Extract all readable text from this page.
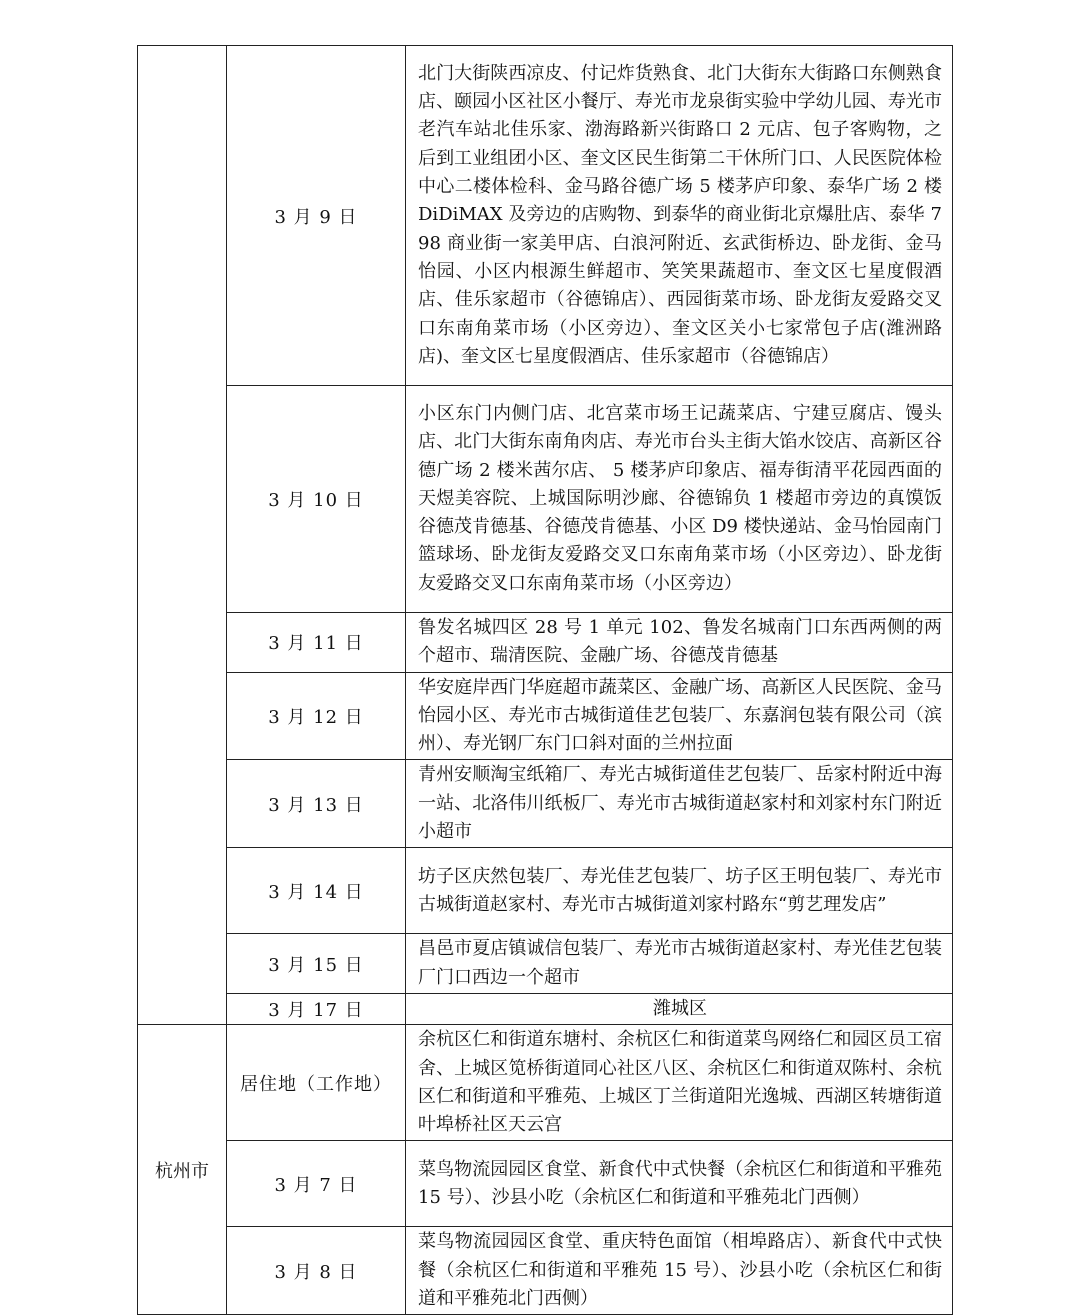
	3 月 9 日	北门大街陕西凉皮、付记炸货熟食、北门大街东大街路口东侧熟食店、颐园小区社区小餐厅、寿光市龙泉街实验中学幼儿园、寿光市老汽车站北佳乐家、渤海路新兴街路口 2 元店、包子客购物，之后到工业组团小区、奎文区民生街第二干休所门口、人民医院体检中心二楼体检科、金马路谷德广场 5 楼茅庐印象、泰华广场 2 楼 DiDiMAX 及旁边的店购物、到泰华的商业街北京爆肚店、泰华 798 商业街一家美甲店、白浪河附近、玄武街桥边、卧龙街、金马怡园、小区内根源生鲜超市、笑笑果蔬超市、奎文区七星度假酒店、佳乐家超市（谷德锦店）、西园街菜市场、卧龙街友爱路交叉口东南角菜市场（小区旁边）、奎文区关小七家常包子店(潍洲路店)、奎文区七星度假酒店、佳乐家超市（谷德锦店）
	3 月 10 日	小区东门内侧门店、北宫菜市场王记蔬菜店、宁建豆腐店、馒头店、北门大街东南角肉店、寿光市台头主街大馅水饺店、高新区谷德广场 2 楼米茜尔店、 5 楼茅庐印象店、福寿街清平花园西面的天煜美容院、上城国际明沙廊、谷德锦负 1 楼超市旁边的真馍饭谷德茂肯德基、谷德茂肯德基、小区 D9 楼快递站、金马怡园南门篮球场、卧龙街友爱路交叉口东南角菜市场（小区旁边）、卧龙街友爱路交叉口东南角菜市场（小区旁边）
	3 月 11 日	鲁发名城四区 28 号 1 单元 102、鲁发名城南门口东西两侧的两个超市、瑞清医院、金融广场、谷德茂肯德基
	3 月 12 日	华安庭岸西门华庭超市蔬菜区、金融广场、高新区人民医院、金马怡园小区、寿光市古城街道佳艺包装厂、东嘉润包装有限公司（滨州）、寿光钢厂东门口斜对面的兰州拉面
	3 月 13 日	青州安顺淘宝纸箱厂、寿光古城街道佳艺包装厂、岳家村附近中海一站、北洛伟川纸板厂、寿光市古城街道赵家村和刘家村东门附近小超市
	3 月 14 日	坊子区庆然包装厂、寿光佳艺包装厂、坊子区王明包装厂、寿光市古城街道赵家村、寿光市古城街道刘家村路东“剪艺理发店”
	3 月 15 日	昌邑市夏店镇诚信包装厂、寿光市古城街道赵家村、寿光佳艺包装厂门口西边一个超市
	3 月 17 日	潍城区
杭州市	居住地（工作地）	余杭区仁和街道东塘村、余杭区仁和街道菜鸟网络仁和园区员工宿舍、上城区笕桥街道同心社区八区、余杭区仁和街道双陈村、余杭区仁和街道和平雅苑、上城区丁兰街道阳光逸城、西湖区转塘街道叶埠桥社区天云宫
	3 月 7 日	菜鸟物流园园区食堂、新食代中式快餐（余杭区仁和街道和平雅苑 15 号）、沙县小吃（余杭区仁和街道和平雅苑北门西侧）
	3 月 8 日	菜鸟物流园园区食堂、重庆特色面馆（相埠路店）、新食代中式快餐（余杭区仁和街道和平雅苑 15 号）、沙县小吃（余杭区仁和街道和平雅苑北门西侧）
